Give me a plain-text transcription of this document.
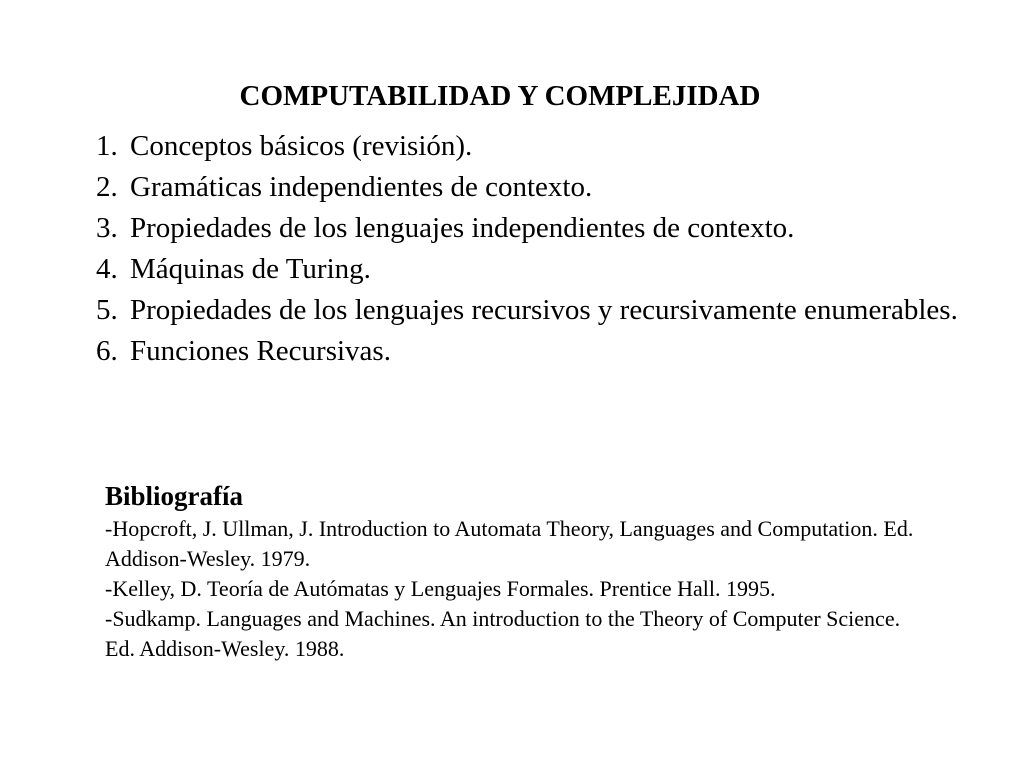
COMPUTABILIDAD Y COMPLEJIDAD
1. Conceptos básicos (revisión).
2. Gramáticas independientes de contexto.
3. Propiedades de los lenguajes independientes de contexto.
4. Máquinas de Turing.
5. Propiedades de los lenguajes recursivos y recursivamente enumerables.
6. Funciones Recursivas.
Bibliografía
-Hopcroft, J. Ullman, J. Introduction to Automata Theory, Languages and Computation. Ed. Addison-Wesley. 1979.
-Kelley, D. Teoría de Autómatas y Lenguajes Formales. Prentice Hall. 1995.
-Sudkamp. Languages and Machines. An introduction to the Theory of Computer Science. Ed. Addison-Wesley. 1988.
